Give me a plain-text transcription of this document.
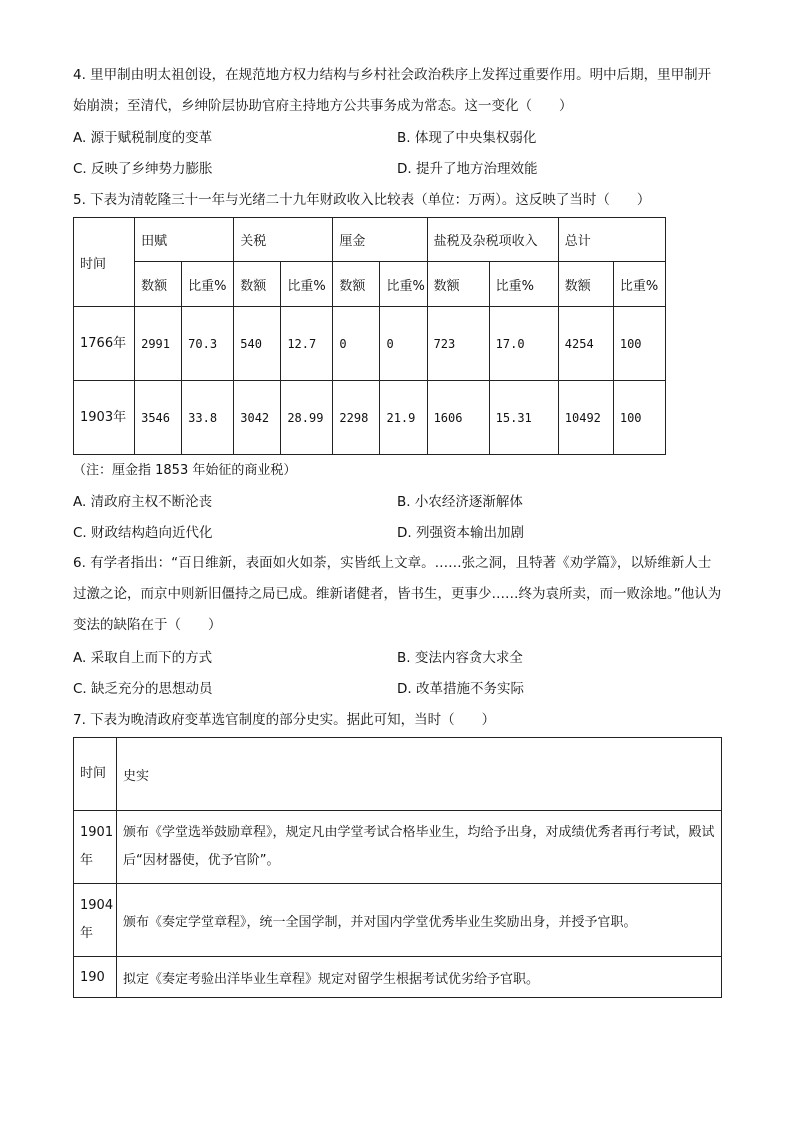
4. 里甲制由明太祖创设，在规范地方权力结构与乡村社会政治秩序上发挥过重要作用。明中后期，里甲制开始崩溃；至清代，乡绅阶层协助官府主持地方公共事务成为常态。这一变化（　　）
A. 源于赋税制度的变革	B. 体现了中央集权弱化
C. 反映了乡绅势力膨胀	D. 提升了地方治理效能
5. 下表为清乾隆三十一年与光绪二十九年财政收入比较表（单位：万两）。这反映了当时（　　）
时间	田赋		关税		厘金		盐税及杂税项收入		总计	
	数额	比重%	数额	比重%	数额	比重%	数额	比重%	数额	比重%
1766年	2991	70.3	540	12.7	0	0	723	17.0	4254	100
1903年	3546	33.8	3042	28.99	2298	21.9	1606	15.31	10492	100
（注：厘金指 1853 年始征的商业税）
A. 清政府主权不断沦丧	B. 小农经济逐渐解体
C. 财政结构趋向近代化	D. 列强资本输出加剧
6. 有学者指出：“百日维新，表面如火如荼，实皆纸上文章。……张之洞，且特著《劝学篇》，以矫维新人士过激之论，而京中则新旧僵持之局已成。维新诸健者，皆书生，更事少……终为袁所卖，而一败涂地。”他认为变法的缺陷在于（　　）
A. 采取自上而下的方式	B. 变法内容贪大求全
C. 缺乏充分的思想动员	D. 改革措施不务实际
7. 下表为晚清政府变革选官制度的部分史实。据此可知，当时（　　）
时间	史实
1901年	颁布《学堂选举鼓励章程》，规定凡由学堂考试合格毕业生，均给予出身，对成绩优秀者再行考试，殿试后“因材器使，优予官阶”。
1904年	颁布《奏定学堂章程》，统一全国学制，并对国内学堂优秀毕业生奖励出身，并授予官职。
190	拟定《奏定考验出洋毕业生章程》规定对留学生根据考试优劣给予官职。
